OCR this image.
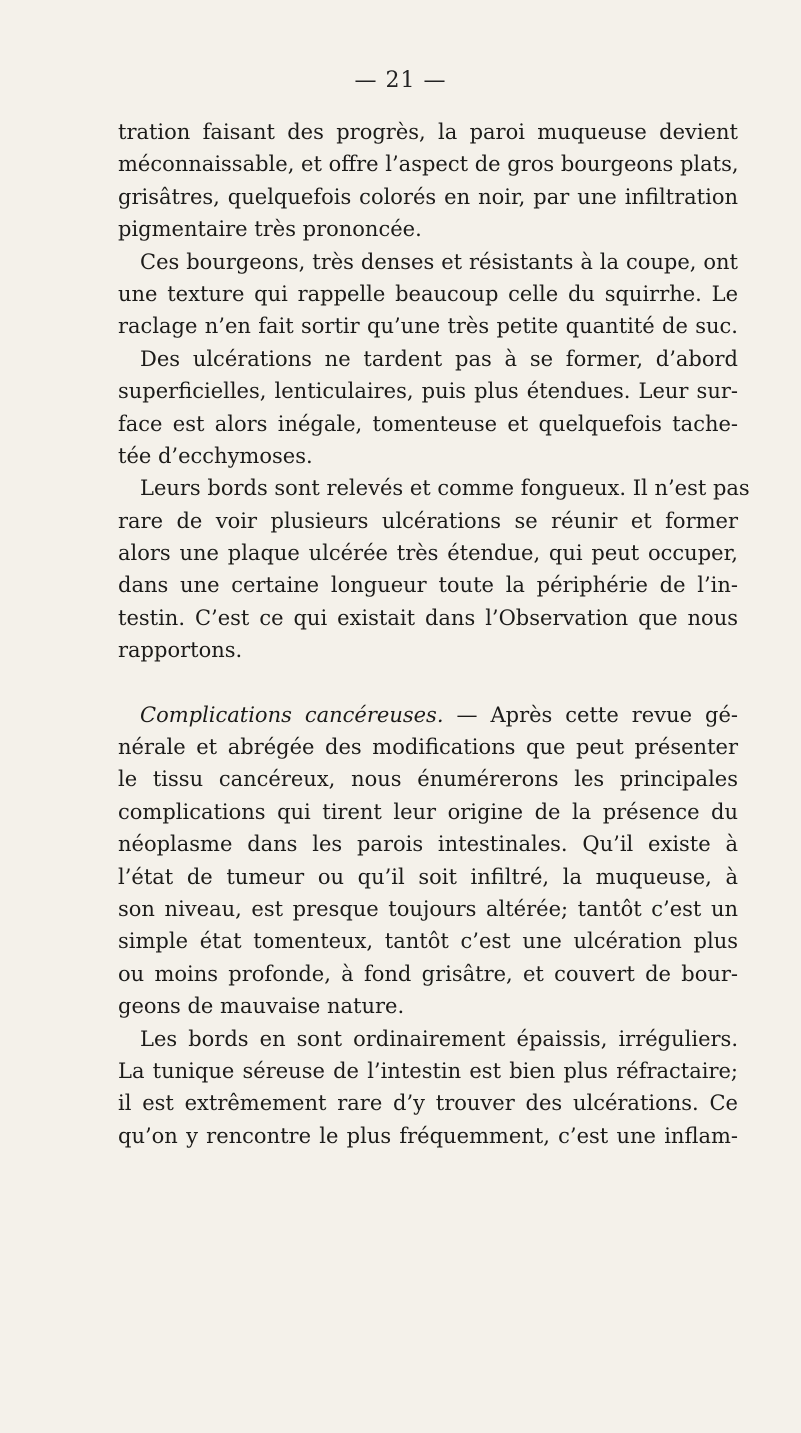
— 21 —
tration faisant des progrès, la paroi muqueuse devient
méconnaissable, et offre l’aspect de gros bourgeons plats,
grisâtres, quelquefois colorés en noir, par une infiltration
pigmentaire très prononcée.
Ces bourgeons, très denses et résistants à la coupe, ont
une texture qui rappelle beaucoup celle du squirrhe. Le
raclage n’en fait sortir qu’une très petite quantité de suc.
Des ulcérations ne tardent pas à se former, d’abord
superficielles, lenticulaires, puis plus étendues. Leur sur-
face est alors inégale, tomenteuse et quelquefois tache-
tée d’ecchymoses.
Leurs bords sont relevés et comme fongueux. Il n’est pas
rare de voir plusieurs ulcérations se réunir et former
alors une plaque ulcérée très étendue, qui peut occuper,
dans une certaine longueur toute la périphérie de l’in-
testin. C’est ce qui existait dans l’Observation que nous
rapportons.
Complications cancéreuses. — Après cette revue gé-
nérale et abrégée des modifications que peut présenter
le tissu cancéreux, nous énumérerons les principales
complications qui tirent leur origine de la présence du
néoplasme dans les parois intestinales. Qu’il existe à
l’état de tumeur ou qu’il soit infiltré, la muqueuse, à
son niveau, est presque toujours altérée; tantôt c’est un
simple état tomenteux, tantôt c’est une ulcération plus
ou moins profonde, à fond grisâtre, et couvert de bour-
geons de mauvaise nature.
Les bords en sont ordinairement épaissis, irréguliers.
La tunique séreuse de l’intestin est bien plus réfractaire;
il est extrêmement rare d’y trouver des ulcérations. Ce
qu’on y rencontre le plus fréquemment, c’est une inflam-
